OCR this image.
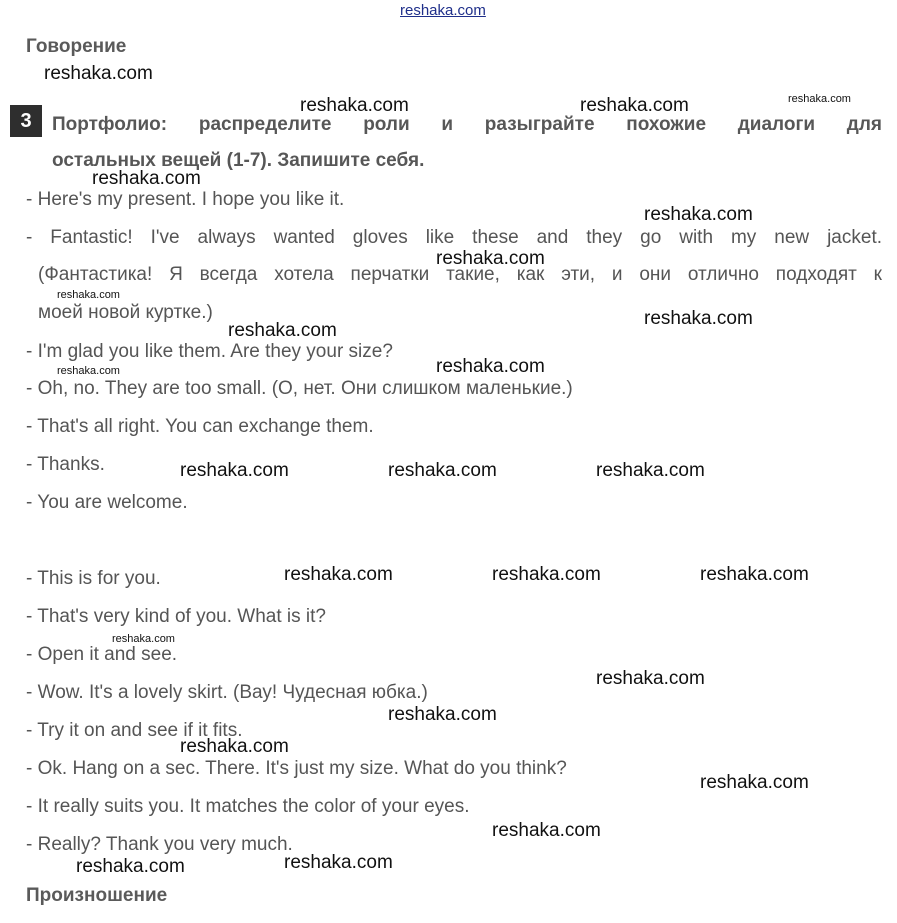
reshaka.com
Говорение
3	Портфолио: распределите роли и разыграйте похожие диалоги для
остальных вещей (1-7). Запишите себя.
- Here's my present. I hope you like it.
- Fantastic! I've always wanted gloves like these and they go with my new jacket.
(Фантастика! Я всегда хотела перчатки такие, как эти, и они отлично подходят к
моей новой куртке.)
- I'm glad you like them. Are they your size?
- Oh, no. They are too small. (О, нет. Они слишком маленькие.)
- That's all right. You can exchange them.
- Thanks.
- You are welcome.
- This is for you.
- That's very kind of you. What is it?
- Open it and see.
- Wow. It's a lovely skirt. (Вау! Чудесная юбка.)
- Try it on and see if it fits.
- Ok. Hang on a sec. There. It's just my size. What do you think?
- It really suits you. It matches the color of your eyes.
- Really? Thank you very much.
Произношение
reshaka.com
reshaka.com	reshaka.com	reshaka.com
reshaka.com
reshaka.com
reshaka.com
reshaka.com
reshaka.com
reshaka.com
reshaka.com
reshaka.com
reshaka.com	reshaka.com	reshaka.com
reshaka.com	reshaka.com	reshaka.com
reshaka.com
reshaka.com
reshaka.com
reshaka.com
reshaka.com
reshaka.com
reshaka.com
reshaka.com
